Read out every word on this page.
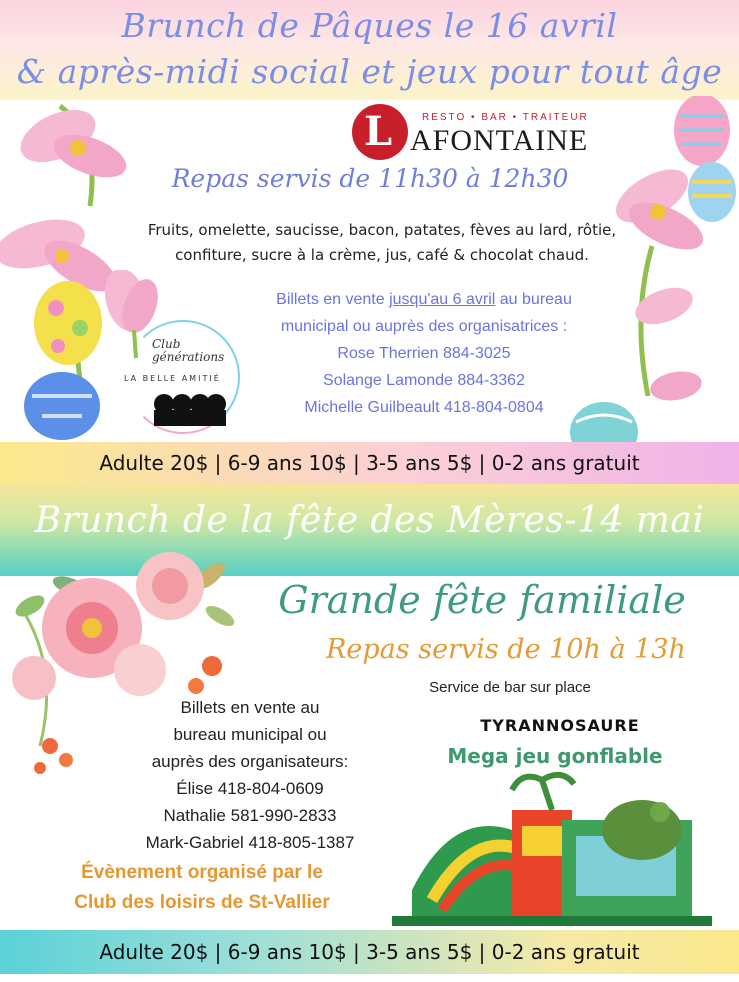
Brunch de Pâques le 16 avril
& après-midi social et jeux pour tout âge
L	RESTO • BAR • TRAITEUR
AFONTAINE
Repas servis de 11h30 à 12h30
Fruits, omelette, saucisse, bacon, patates, fèves au lard, rôtie,
confiture, sucre à la crème, jus, café & chocolat chaud.
Billets en vente jusqu'au 6 avril au bureau
municipal ou auprès des organisatrices :
Rose Therrien 884-3025
Solange Lamonde 884-3362
Michelle Guilbeault 418-804-0804
Club générations
LA BELLE AMITIÉ
Adulte 20$ | 6-9 ans 10$ | 3-5 ans 5$ | 0-2 ans gratuit
Brunch de la fête des Mères-14 mai
Grande fête familiale
Repas servis de 10h à 13h
Service de bar sur place
Billets en vente au
bureau municipal ou
auprès des organisateurs:
Élise 418-804-0609
Nathalie 581-990-2833
Mark-Gabriel 418-805-1387
Évènement organisé par le
Club des loisirs de St-Vallier
TYRANNOSAURE
Mega jeu gonflable
Adulte 20$ | 6-9 ans 10$ | 3-5 ans 5$ | 0-2 ans gratuit
